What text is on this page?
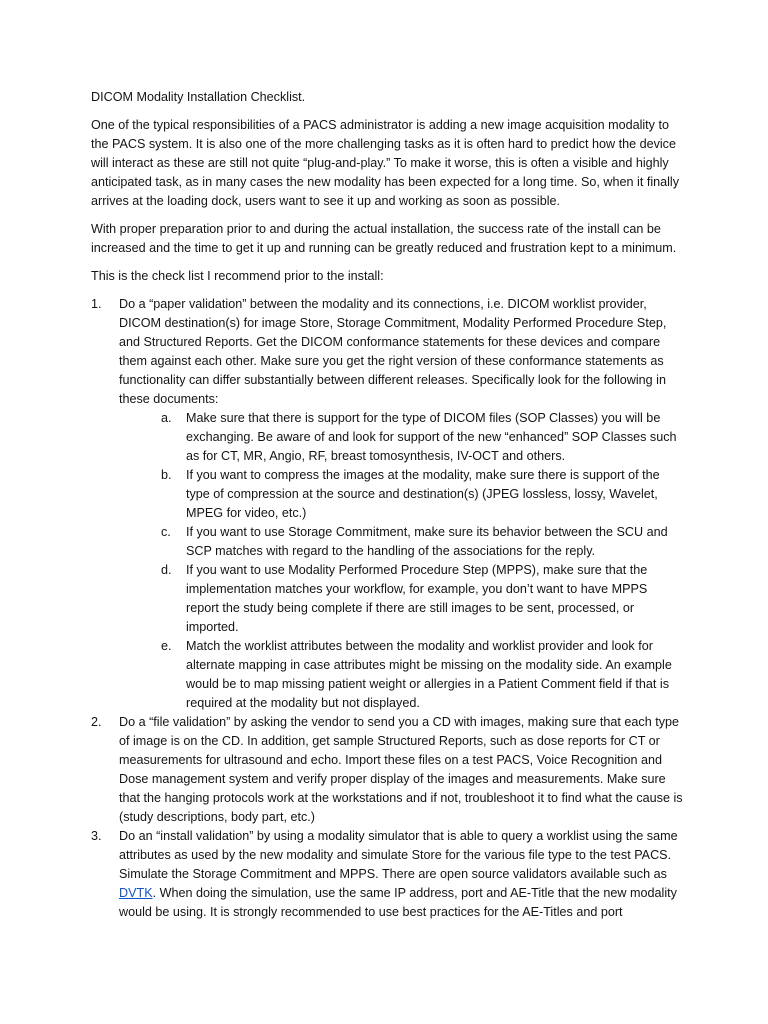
DICOM Modality Installation Checklist.

One of the typical responsibilities of a PACS administrator is adding a new image acquisition modality to the PACS system. It is also one of the more challenging tasks as it is often hard to predict how the device will interact as these are still not quite “plug-and-play.” To make it worse, this is often a visible and highly anticipated task, as in many cases the new modality has been expected for a long time. So, when it finally arrives at the loading dock, users want to see it up and working as soon as possible.

With proper preparation prior to and during the actual installation, the success rate of the install can be increased and the time to get it up and running can be greatly reduced and frustration kept to a minimum.

This is the check list I recommend prior to the install:

1. Do a “paper validation” between the modality and its connections, i.e. DICOM worklist provider, DICOM destination(s) for image Store, Storage Commitment, Modality Performed Procedure Step, and Structured Reports. Get the DICOM conformance statements for these devices and compare them against each other. Make sure you get the right version of these conformance statements as functionality can differ substantially between different releases. Specifically look for the following in these documents:
a. Make sure that there is support for the type of DICOM files (SOP Classes) you will be exchanging. Be aware of and look for support of the new “enhanced” SOP Classes such as for CT, MR, Angio, RF, breast tomosynthesis, IV-OCT and others.
b. If you want to compress the images at the modality, make sure there is support of the type of compression at the source and destination(s) (JPEG lossless, lossy, Wavelet, MPEG for video, etc.)
c. If you want to use Storage Commitment, make sure its behavior between the SCU and SCP matches with regard to the handling of the associations for the reply.
d. If you want to use Modality Performed Procedure Step (MPPS), make sure that the implementation matches your workflow, for example, you don’t want to have MPPS report the study being complete if there are still images to be sent, processed, or imported.
e. Match the worklist attributes between the modality and worklist provider and look for alternate mapping in case attributes might be missing on the modality side. An example would be to map missing patient weight or allergies in a Patient Comment field if that is required at the modality but not displayed.
2. Do a “file validation” by asking the vendor to send you a CD with images, making sure that each type of image is on the CD. In addition, get sample Structured Reports, such as dose reports for CT or measurements for ultrasound and echo. Import these files on a test PACS, Voice Recognition and Dose management system and verify proper display of the images and measurements. Make sure that the hanging protocols work at the workstations and if not, troubleshoot it to find what the cause is (study descriptions, body part, etc.)
3. Do an “install validation” by using a modality simulator that is able to query a worklist using the same attributes as used by the new modality and simulate Store for the various file type to the test PACS. Simulate the Storage Commitment and MPPS. There are open source validators available such as DVTK. When doing the simulation, use the same IP address, port and AE-Title that the new modality would be using. It is strongly recommended to use best practices for the AE-Titles and port
